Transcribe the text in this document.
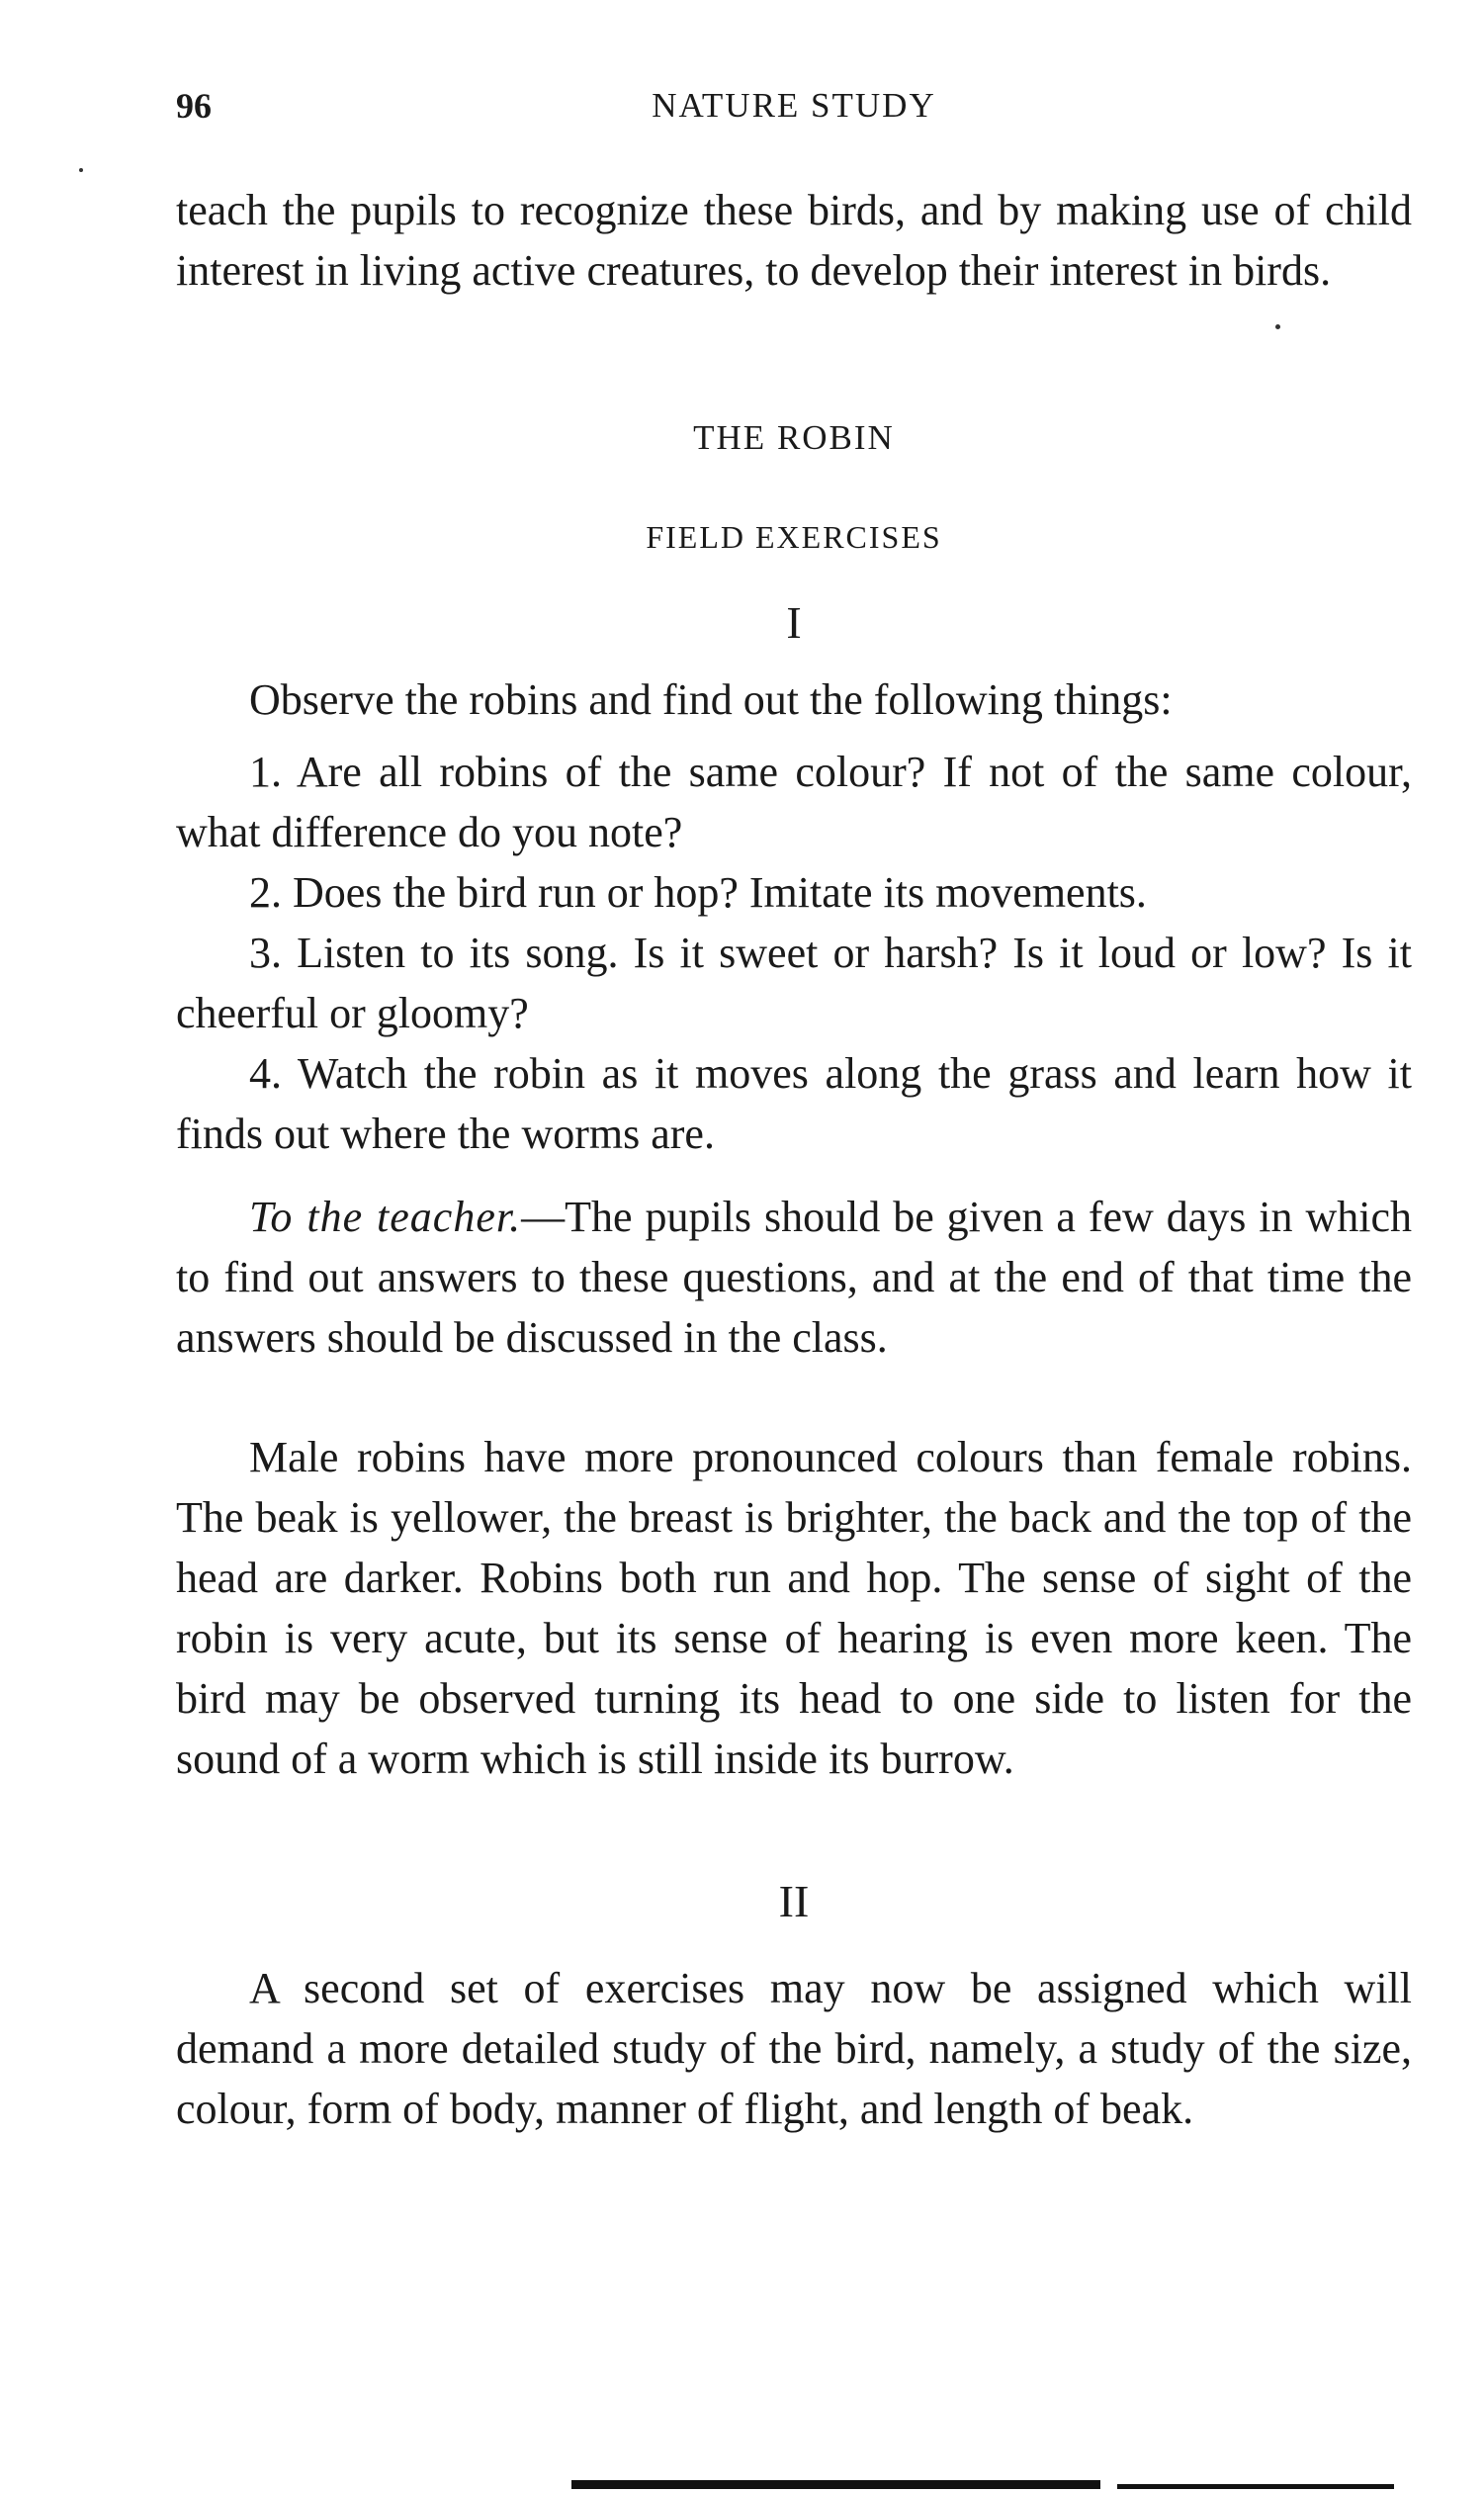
96	NATURE STUDY

teach the pupils to recognize these birds, and by making use of child interest in living active creatures, to develop their interest in birds.

THE ROBIN
FIELD EXERCISES
I

Observe the robins and find out the following things:

1. Are all robins of the same colour? If not of the same colour, what difference do you note?

2. Does the bird run or hop? Imitate its movements.

3. Listen to its song. Is it sweet or harsh? Is it loud or low? Is it cheerful or gloomy?

4. Watch the robin as it moves along the grass and learn how it finds out where the worms are.

To the teacher.—The pupils should be given a few days in which to find out answers to these questions, and at the end of that time the answers should be discussed in the class.

Male robins have more pronounced colours than female robins. The beak is yellower, the breast is brighter, the back and the top of the head are darker. Robins both run and hop. The sense of sight of the robin is very acute, but its sense of hearing is even more keen. The bird may be observed turning its head to one side to listen for the sound of a worm which is still inside its burrow.

II

A second set of exercises may now be assigned which will demand a more detailed study of the bird, namely, a study of the size, colour, form of body, manner of flight, and length of beak.
